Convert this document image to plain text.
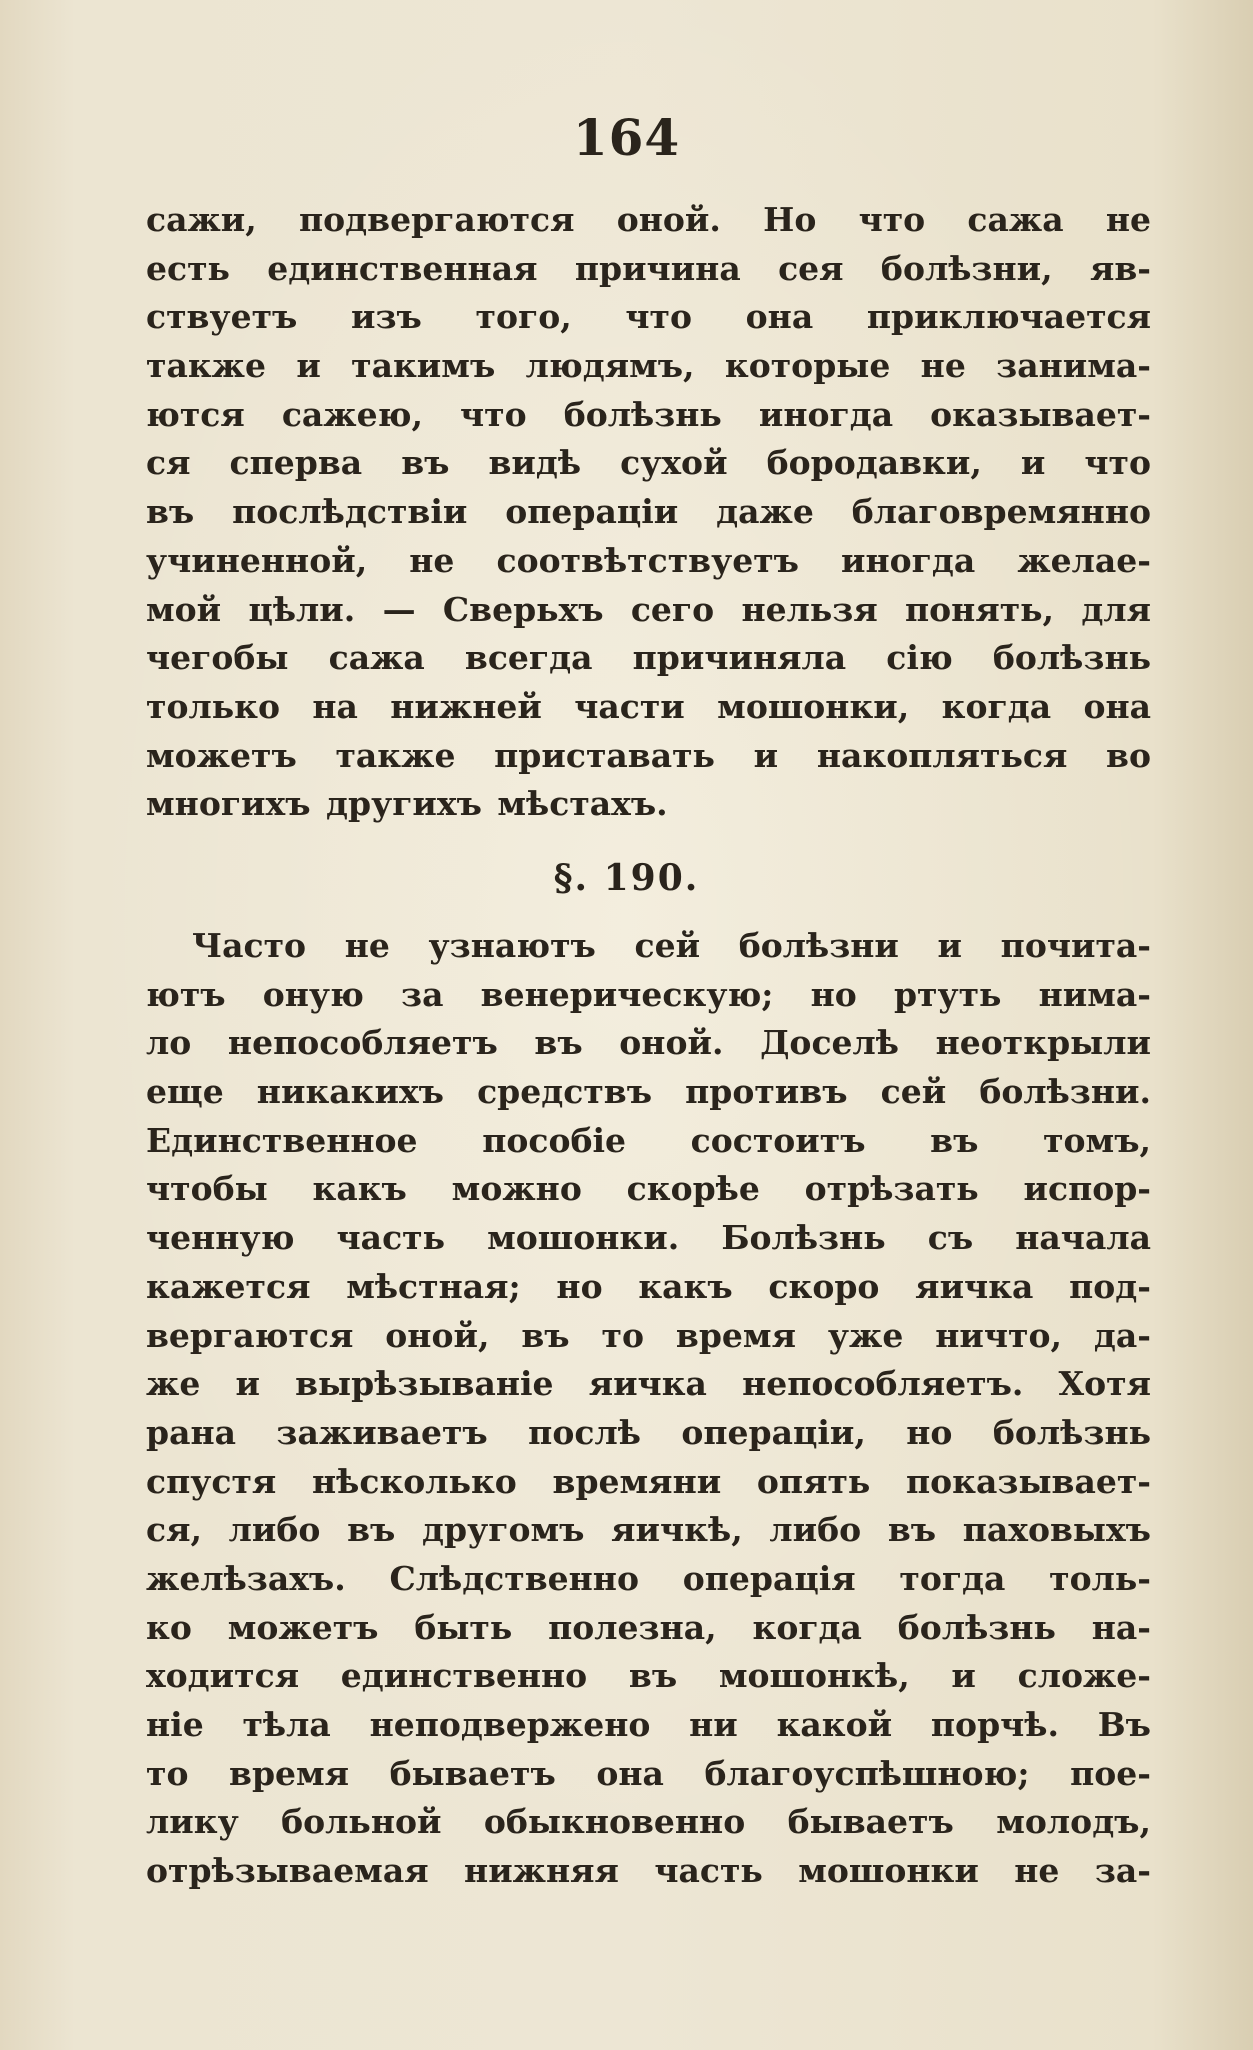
164
сажи, подвергаются оной. Но что сажа не
есть единственная причина сея болѣзни, яв-
ствуетъ изъ того, что она приключается
также и такимъ людямъ, которые не занима-
ются сажею, что болѣзнь иногда оказывает-
ся сперва въ видѣ сухой бородавки, и что
въ послѣдствіи операціи даже благовремянно
учиненной, не соотвѣтствуетъ иногда желае-
мой цѣли. — Сверьхъ сего нельзя понять, для
чегобы сажа всегда причиняла сію болѣзнь
только на нижней части мошонки, когда она
можетъ также приставать и накопляться во
многихъ другихъ мѣстахъ.
§. 190.
Часто не узнаютъ сей болѣзни и почита-
ютъ оную за венерическую; но ртуть нима-
ло непособляетъ въ оной. Доселѣ неоткрыли
еще никакихъ средствъ противъ сей болѣзни.
Единственное пособіе состоитъ въ томъ,
чтобы какъ можно скорѣе отрѣзать испор-
ченную часть мошонки. Болѣзнь съ начала
кажется мѣстная; но какъ скоро яичка под-
вергаются оной, въ то время уже ничто, да-
же и вырѣзываніе яичка непособляетъ. Хотя
рана заживаетъ послѣ операціи, но болѣзнь
спустя нѣсколько времяни опять показывает-
ся, либо въ другомъ яичкѣ, либо въ паховыхъ
желѣзахъ. Слѣдственно операція тогда толь-
ко можетъ быть полезна, когда болѣзнь на-
ходится единственно въ мошонкѣ, и сложе-
ніе тѣла неподвержено ни какой порчѣ. Въ
то время бываетъ она благоуспѣшною; пое-
лику больной обыкновенно бываетъ молодъ,
отрѣзываемая нижняя часть мошонки не за-
